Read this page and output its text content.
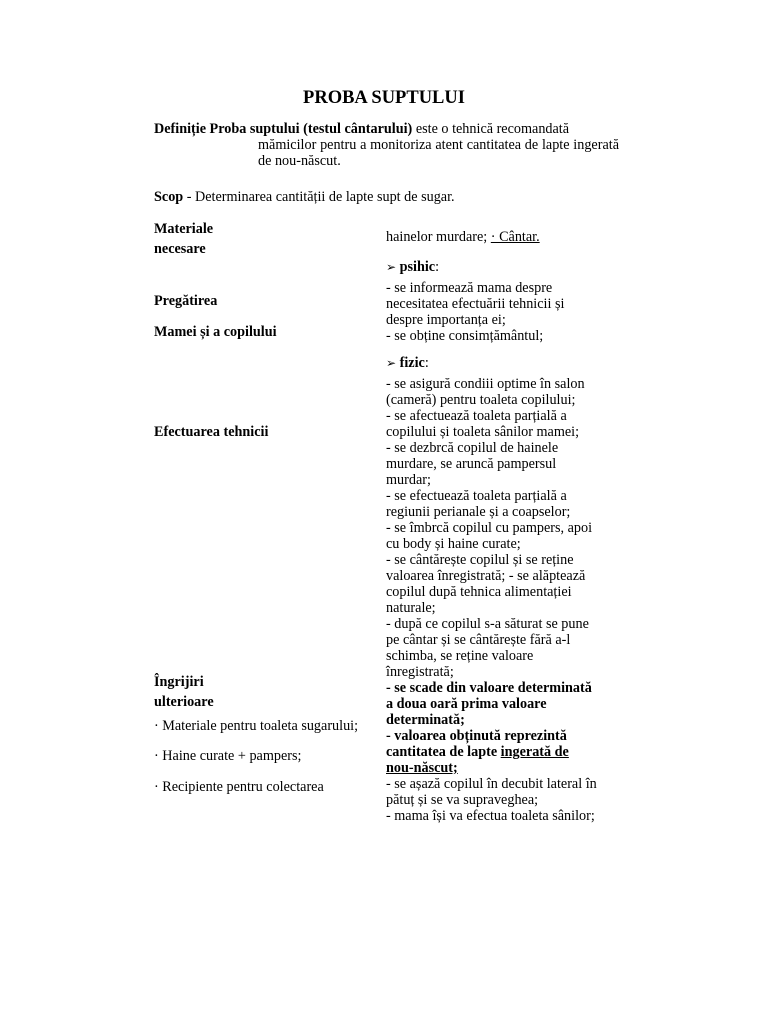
PROBA SUPTULUI
Definiție Proba suptului (testul cântarului) este o tehnică recomandată
mămicilor pentru a monitoriza atent cantitatea de lapte ingerată de nou-născut.
Scop - Determinarea cantității de lapte supt de sugar.
Materiale
necesare
Pregătirea
Mamei și a copilului
Efectuarea tehnicii
Îngrijiri
ulterioare
· Materiale pentru toaleta sugarului;
· Haine curate + pampers;
· Recipiente pentru colectarea
hainelor murdare; · Cântar.
➢ psihic:
- se informează mama despre
necesitatea efectuării tehnicii și
despre importanța ei;
- se obține consimțământul;
➢ fizic:
- se asigură condiii optime în salon
(cameră) pentru toaleta copilului;
- se afectuează toaleta parțială a
copilului și toaleta sânilor mamei;
- se dezbrcă copilul de hainele
murdare, se aruncă pampersul
murdar;
- se efectuează toaleta parțială a
regiunii perianale și a coapselor;
- se îmbrcă copilul cu pampers, apoi
cu body și haine curate;
- se cântărește copilul și se reține
valoarea înregistrată; - se alăptează
copilul după tehnica alimentației
naturale;
- după ce copilul s-a săturat se pune
pe cântar și se cântărește fără a-l
schimba, se reține valoare
înregistrată;
- se scade din valoare determinată
a doua oară prima valoare
determinată;
- valoarea obținută reprezintă
cantitatea de lapte ingerată de
nou-născut;
- se așază copilul în decubit lateral în
pătuț și se va supraveghea;
- mama își va efectua toaleta sânilor;
